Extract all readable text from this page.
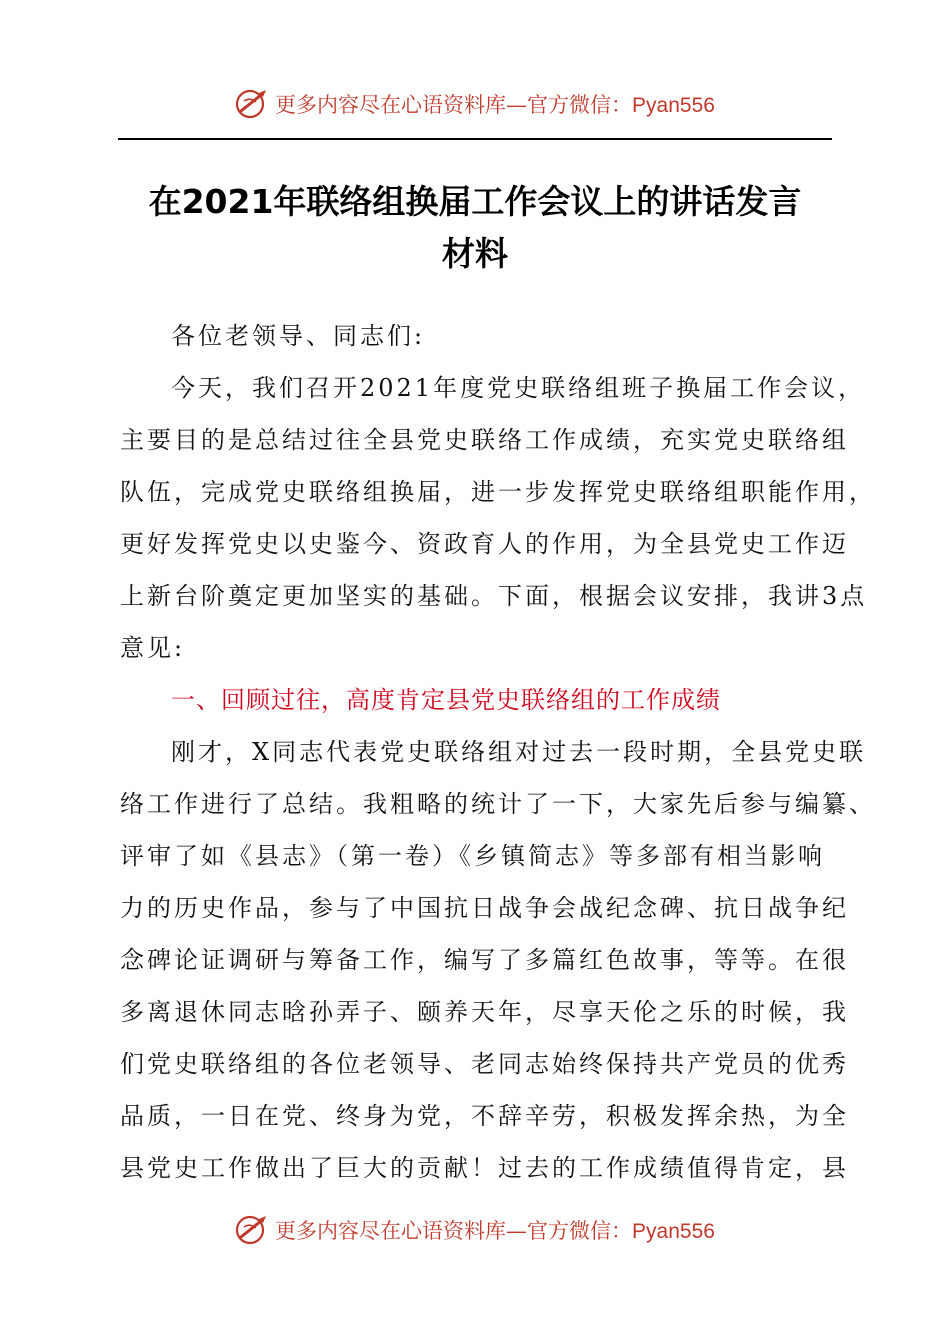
更多内容尽在心语资料库—官方微信：Pyan556
在2021年联络组换届工作会议上的讲话发言
材料
各位老领导、同志们:
今天，我们召开2021年度党史联络组班子换届工作会议，
主要目的是总结过往全县党史联络工作成绩，充实党史联络组
队伍，完成党史联络组换届，进一步发挥党史联络组职能作用，
更好发挥党史以史鉴今、资政育人的作用，为全县党史工作迈
上新台阶奠定更加坚实的基础。下面，根据会议安排，我讲3点
意见:
一、回顾过往，高度肯定县党史联络组的工作成绩
刚才，X同志代表党史联络组对过去一段时期，全县党史联
络工作进行了总结。我粗略的统计了一下，大家先后参与编纂、
评审了如《县志》（第一卷）《乡镇简志》等多部有相当影响
力的历史作品，参与了中国抗日战争会战纪念碑、抗日战争纪
念碑论证调研与筹备工作，编写了多篇红色故事，等等。在很
多离退休同志晗孙弄子、颐养天年，尽享天伦之乐的时候，我
们党史联络组的各位老领导、老同志始终保持共产党员的优秀
品质，一日在党、终身为党，不辞辛劳，积极发挥余热，为全
县党史工作做出了巨大的贡献！过去的工作成绩值得肯定，县
更多内容尽在心语资料库—官方微信：Pyan556
